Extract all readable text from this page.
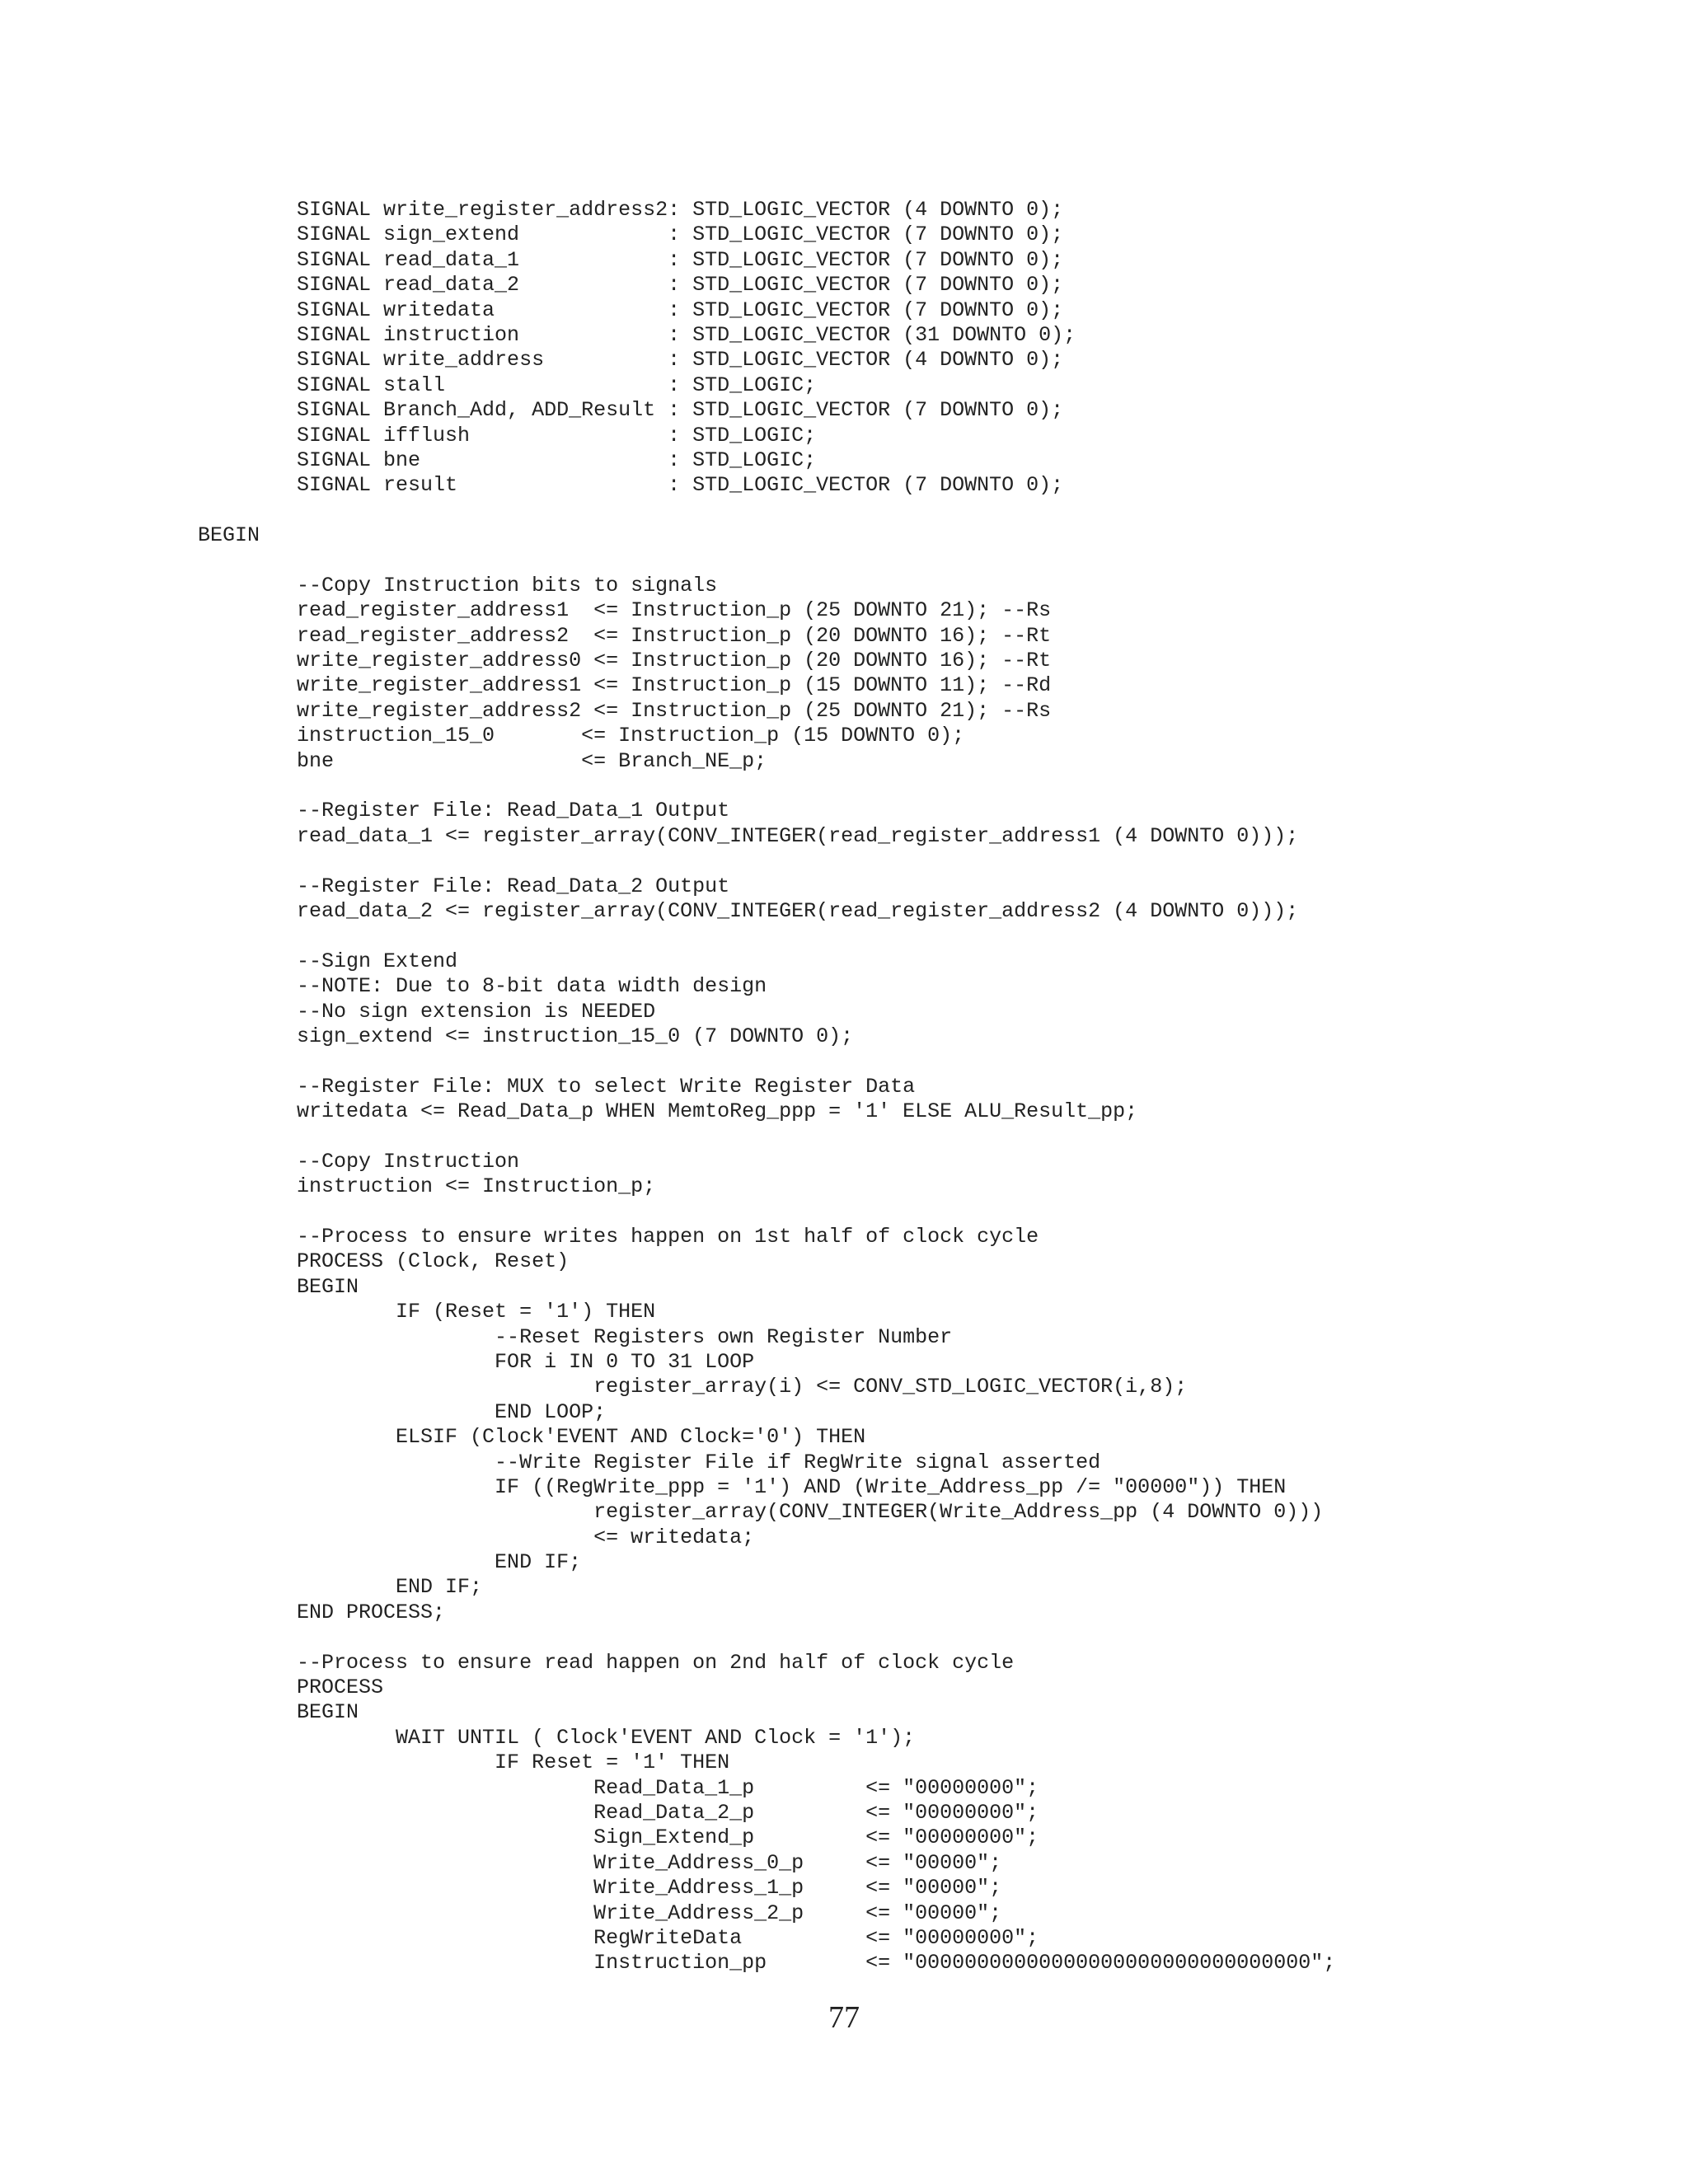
SIGNAL write_register_address2: STD_LOGIC_VECTOR (4 DOWNTO 0);
SIGNAL sign_extend            : STD_LOGIC_VECTOR (7 DOWNTO 0);
SIGNAL read_data_1            : STD_LOGIC_VECTOR (7 DOWNTO 0);
SIGNAL read_data_2            : STD_LOGIC_VECTOR (7 DOWNTO 0);
SIGNAL writedata              : STD_LOGIC_VECTOR (7 DOWNTO 0);
SIGNAL instruction            : STD_LOGIC_VECTOR (31 DOWNTO 0);
SIGNAL write_address          : STD_LOGIC_VECTOR (4 DOWNTO 0);
SIGNAL stall                  : STD_LOGIC;
SIGNAL Branch_Add, ADD_Result : STD_LOGIC_VECTOR (7 DOWNTO 0);
SIGNAL ifflush                : STD_LOGIC;
SIGNAL bne                    : STD_LOGIC;
SIGNAL result                 : STD_LOGIC_VECTOR (7 DOWNTO 0);
BEGIN
--Copy Instruction bits to signals
read_register_address1  <= Instruction_p (25 DOWNTO 21); --Rs
read_register_address2  <= Instruction_p (20 DOWNTO 16); --Rt
write_register_address0 <= Instruction_p (20 DOWNTO 16); --Rt
write_register_address1 <= Instruction_p (15 DOWNTO 11); --Rd
write_register_address2 <= Instruction_p (25 DOWNTO 21); --Rs
instruction_15_0       <= Instruction_p (15 DOWNTO 0);
bne                    <= Branch_NE_p;
--Register File: Read_Data_1 Output
read_data_1 <= register_array(CONV_INTEGER(read_register_address1 (4 DOWNTO 0)));
--Register File: Read_Data_2 Output
read_data_2 <= register_array(CONV_INTEGER(read_register_address2 (4 DOWNTO 0)));
--Sign Extend
--NOTE: Due to 8-bit data width design
--No sign extension is NEEDED
sign_extend <= instruction_15_0 (7 DOWNTO 0);
--Register File: MUX to select Write Register Data
writedata <= Read_Data_p WHEN MemtoReg_ppp = '1' ELSE ALU_Result_pp;
--Copy Instruction
instruction <= Instruction_p;
--Process to ensure writes happen on 1st half of clock cycle
PROCESS (Clock, Reset)
BEGIN
IF (Reset = '1') THEN
--Reset Registers own Register Number
FOR i IN 0 TO 31 LOOP
register_array(i) <= CONV_STD_LOGIC_VECTOR(i,8);
END LOOP;
ELSIF (Clock'EVENT AND Clock='0') THEN
--Write Register File if RegWrite signal asserted
IF ((RegWrite_ppp = '1') AND (Write_Address_pp /= "00000")) THEN
register_array(CONV_INTEGER(Write_Address_pp (4 DOWNTO 0)))
<= writedata;
END IF;
END IF;
END PROCESS;
--Process to ensure read happen on 2nd half of clock cycle
PROCESS
BEGIN
WAIT UNTIL ( Clock'EVENT AND Clock = '1');
IF Reset = '1' THEN
Read_Data_1_p         <= "00000000";
Read_Data_2_p         <= "00000000";
Sign_Extend_p         <= "00000000";
Write_Address_0_p     <= "00000";
Write_Address_1_p     <= "00000";
Write_Address_2_p     <= "00000";
RegWriteData          <= "00000000";
Instruction_pp        <= "00000000000000000000000000000000";
77
